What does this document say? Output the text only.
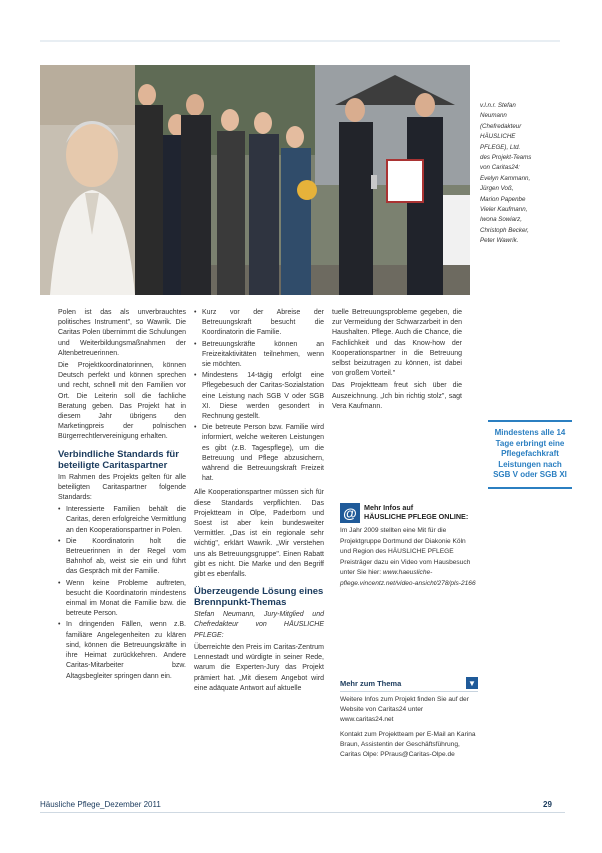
v.l.n.r. Stefan
Neumann
(Chefredakteur
HÄUSLICHE
PFLEGE), Ltd.
des Projekt-Teams
von Caritas24:
Evelyn Kammann,
Jürgen Voß,
Marion Papenbe
Vieler Kaufmann,
Iwona Sowiarz,
Christoph Becker,
Peter Wawrik.

Polen ist das als unverbrauchtes politisches Instrument", so Wawrik. Die Caritas Polen übernimmt die Schulungen und Weiterbildungsmaßnahmen der Altenbetreuerinnen.

Die Projektkoordinatorinnen, können Deutsch perfekt und können sprechen und recht, schnell mit den Familien vor Ort. Die Leiterin soll die fachliche Beratung geben. Das Projekt hat in diesem Jahr übrigens den Marketingpreis der polnischen Bürgerrechtlervereinigung erhalten.

Verbindliche Standards für beteiligte Caritaspartner

Im Rahmen des Projekts gelten für alle beteiligten Caritaspartner folgende Standards:

• Interessierte Familien behält die Caritas, deren erfolgreiche Vermittlung an den Kooperationspartner in Polen.
• Die Koordinatorin holt die Betreuerinnen in der Regel vom Bahnhof ab, weist sie ein und führt das Gespräch mit der Familie.
• Wenn keine Probleme auftreten, besucht die Koordinatorin mindestens einmal im Monat die Familie bzw. die betreute Person.
• In dringenden Fällen, wenn z.B. familiäre Angelegenheiten zu klären sind, können die Betreuungskräfte in ihre Heimat zurückkehren. Andere Caritas-Mitarbeiter bzw. Altagsbegleiter springen dann ein.
• Kurz vor der Abreise der Betreuungskraft besucht die Koordinatorin die Familie.
• Betreuungskräfte können an Freizeitaktivitäten teilnehmen, wenn sie möchten.
• Mindestens 14-tägig erfolgt eine Pflegebesuch der Caritas-Sozialstation eine Leistung nach SGB V oder SGB XI. Diese werden gesondert in Rechnung gestellt.
• Die betreute Person bzw. Familie wird informiert, welche weiteren Leistungen es gibt (z.B. Tagespflege), um die Betreuung und Pflege abzusichern, während die Betreuungskraft Freizeit hat.

Alle Kooperationspartner müssen sich für diese Standards verpflichten. Das Projektteam in Olpe, Paderborn und Soest ist aber kein bundesweiter Vermittler. „Das ist ein regionale sehr wichtig", erklärt Wawrik. „Wir verstehen uns als Betreuungsgruppe". Einen Rabatt gibt es nicht. Die Marke und den Begriff gibt es ebenfalls.

Überzeugende Lösung eines Brennpunkt-Themas

Stefan Neumann, Jury-Mitglied und Chefredakteur von HÄUSLICHE PFLEGE:

Überreichte den Preis im Caritas-Zentrum Lennestadt und würdigte in seiner Rede, warum die Experten-Jury das Projekt prämiert hat. „Mit diesem Angebot wird eine adäquate Antwort auf aktuelle

tuelle Betreuungsprobleme gegeben, die zur Vermeidung der Schwarzarbeit in den Haushalten. Pflege. Auch die Chance, die Fachlichkeit und das Know-how der Kooperationspartner in die Betreuung selbst beizutragen zu können, ist dabei von großem Vorteil."

Das Projektteam freut sich über die Auszeichnung. „Ich bin richtig stolz", sagt Vera Kaufmann.

@ Mehr Infos auf
HÄUSLICHE PFLEGE ONLINE:
Im Jahr 2009 stellten eine Mit für die Projektgruppe Dortmund der Diakonie Köln und Region des HÄUSLICHE PFLEGE Preisträger dazu ein Video vom Hausbesuch unter Sie hier: www.haeusliche-pflege.vincentz.net/video-ansicht/278/pls-2166
Mehr zum Thema	▼

Weitere Infos zum Projekt finden Sie auf der Website von Caritas24 unter www.caritas24.net

Kontakt zum Projektteam per E-Mail an Karina Braun, Assistentin der Geschäftsführung, Caritas Olpe: PPraus@Caritas-Olpe.de

Mindestens alle 14 Tage erbringt eine Pflegefachkraft Leistungen nach SGB V oder SGB XI
Häusliche Pflege_Dezember 2011	29
